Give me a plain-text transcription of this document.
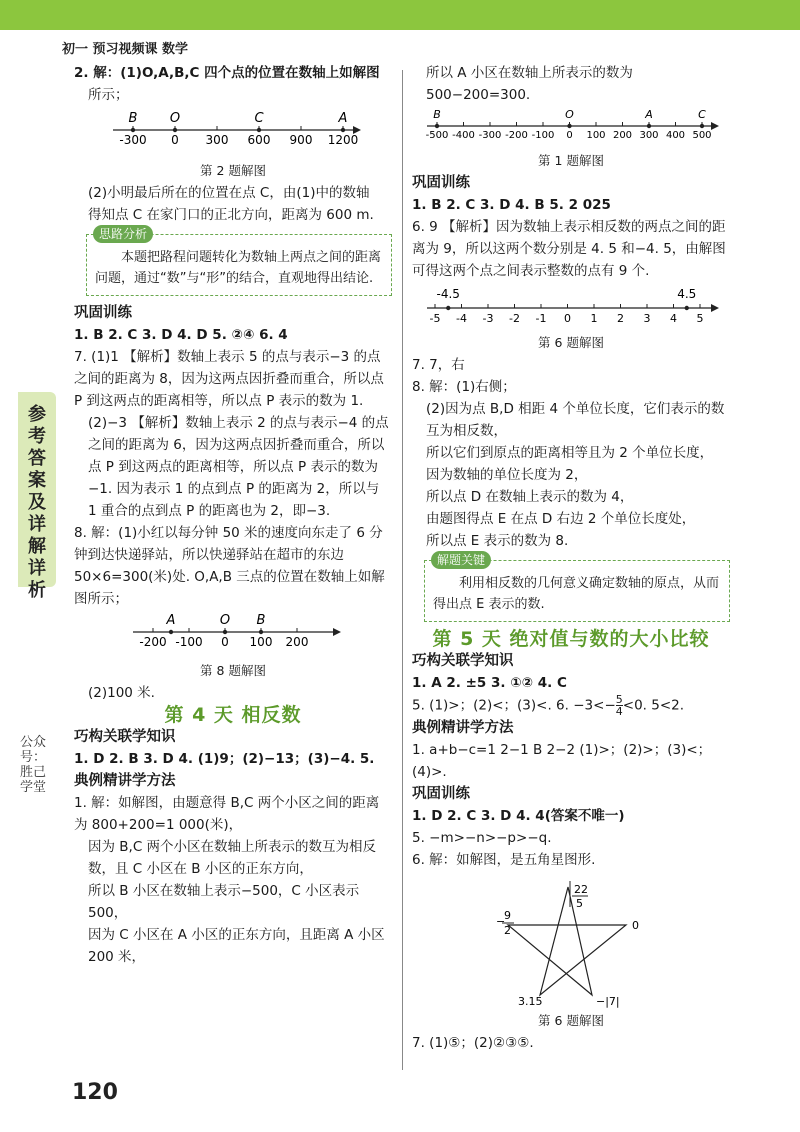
初一 预习视频课 数学
参考答案及详解详析
公众号：胜己学堂

2. 解：(1)O,A,B,C 四个点的位置在数轴上如解图

所示；

-300 0 300 600 900 1200
B O	C	A

第 2 题解图

(2)小明最后所在的位置在点 C，由(1)中的数轴

得知点 C 在家门口的正北方向，距离为 600 m.

思路分析
本题把路程问题转化为数轴上两点之间的距离问题，通过“数”与“形”的结合，直观地得出结论.

巩固训练

1. B 2. C 3. D 4. D 5. ②④ 6. 4

7. (1)1 【解析】数轴上表示 5 的点与表示−3 的点之间的距离为 8，因为这两点因折叠而重合，所以点 P 到这两点的距离相等，所以点 P 表示的数为 1.

(2)−3 【解析】数轴上表示 2 的点与表示−4 的点之间的距离为 6，因为这两点因折叠而重合，所以点 P 到这两点的距离相等，所以点 P 表示的数为 −1. 因为表示 1 的点到点 P 的距离为 2，所以与 1 重合的点到点 P 的距离也为 2，即−3.

8. 解：(1)小红以每分钟 50 米的速度向东走了 6 分钟到达快递驿站，所以快递驿站在超市的东边 50×6=300(米)处. O,A,B 三点的位置在数轴上如解图所示；

-200 -100 0 100 200
A	O B

第 8 题解图

(2)100 米.

第 4 天 相反数

巧构关联学知识

1. D 2. B 3. D 4. (1)9；(2)−13；(3)−4. 5.

典例精讲学方法

1. 解：如解图，由题意得 B,C 两个小区之间的距离为 800+200=1 000(米)，

因为 B,C 两个小区在数轴上所表示的数互为相反数，且 C 小区在 B 小区的正东方向，

所以 B 小区在数轴上表示−500，C 小区表示 500，

因为 C 小区在 A 小区的正东方向，且距离 A 小区 200 米，

所以 A 小区在数轴上所表示的数为 500−200=300.

-500 -400 -300 -200 -100 0 100 200 300 400 500
B	O	A	C

第 1 题解图

巩固训练

1. B 2. C 3. D 4. B 5. 2 025

6. 9 【解析】因为数轴上表示相反数的两点之间的距离为 9，所以这两个数分别是 4. 5 和−4. 5，由解图可得这两个点之间表示整数的点有 9 个.

-5 -4 -3 -2 -1 0 1 2 3 4 5
-4.5	4.5

第 6 题解图

7. 7，右

8. 解：(1)右侧；

(2)因为点 B,D 相距 4 个单位长度，它们表示的数互为相反数，

所以它们到原点的距离相等且为 2 个单位长度，

因为数轴的单位长度为 2，

所以点 D 在数轴上表示的数为 4，

由题图得点 E 在点 D 右边 2 个单位长度处，

所以点 E 表示的数为 8.

解题关键
利用相反数的几何意义确定数轴的原点，从而得出点 E 表示的数.

第 5 天 绝对值与数的大小比较

巧构关联学知识

1. A 2. ±5 3. ①② 4. C

5. (1)>；(2)<；(3)<. 6. $-3<- \frac{5}{4} <0$. 5<2.

典例精讲学方法

1. a+b−c=1 2−1 B 2−2 (1)>；(2)>；(3)<；(4)>.

巩固训练

1. D 2. C 3. D 4. 4(答案不唯一)

5. −m>−n>−p>−q.

6. 解：如解图，是五角星图形.

22
5
−
9
2	0
3.15	−|7|

第 6 题解图

7. (1)⑤；(2)②③⑤.

120
